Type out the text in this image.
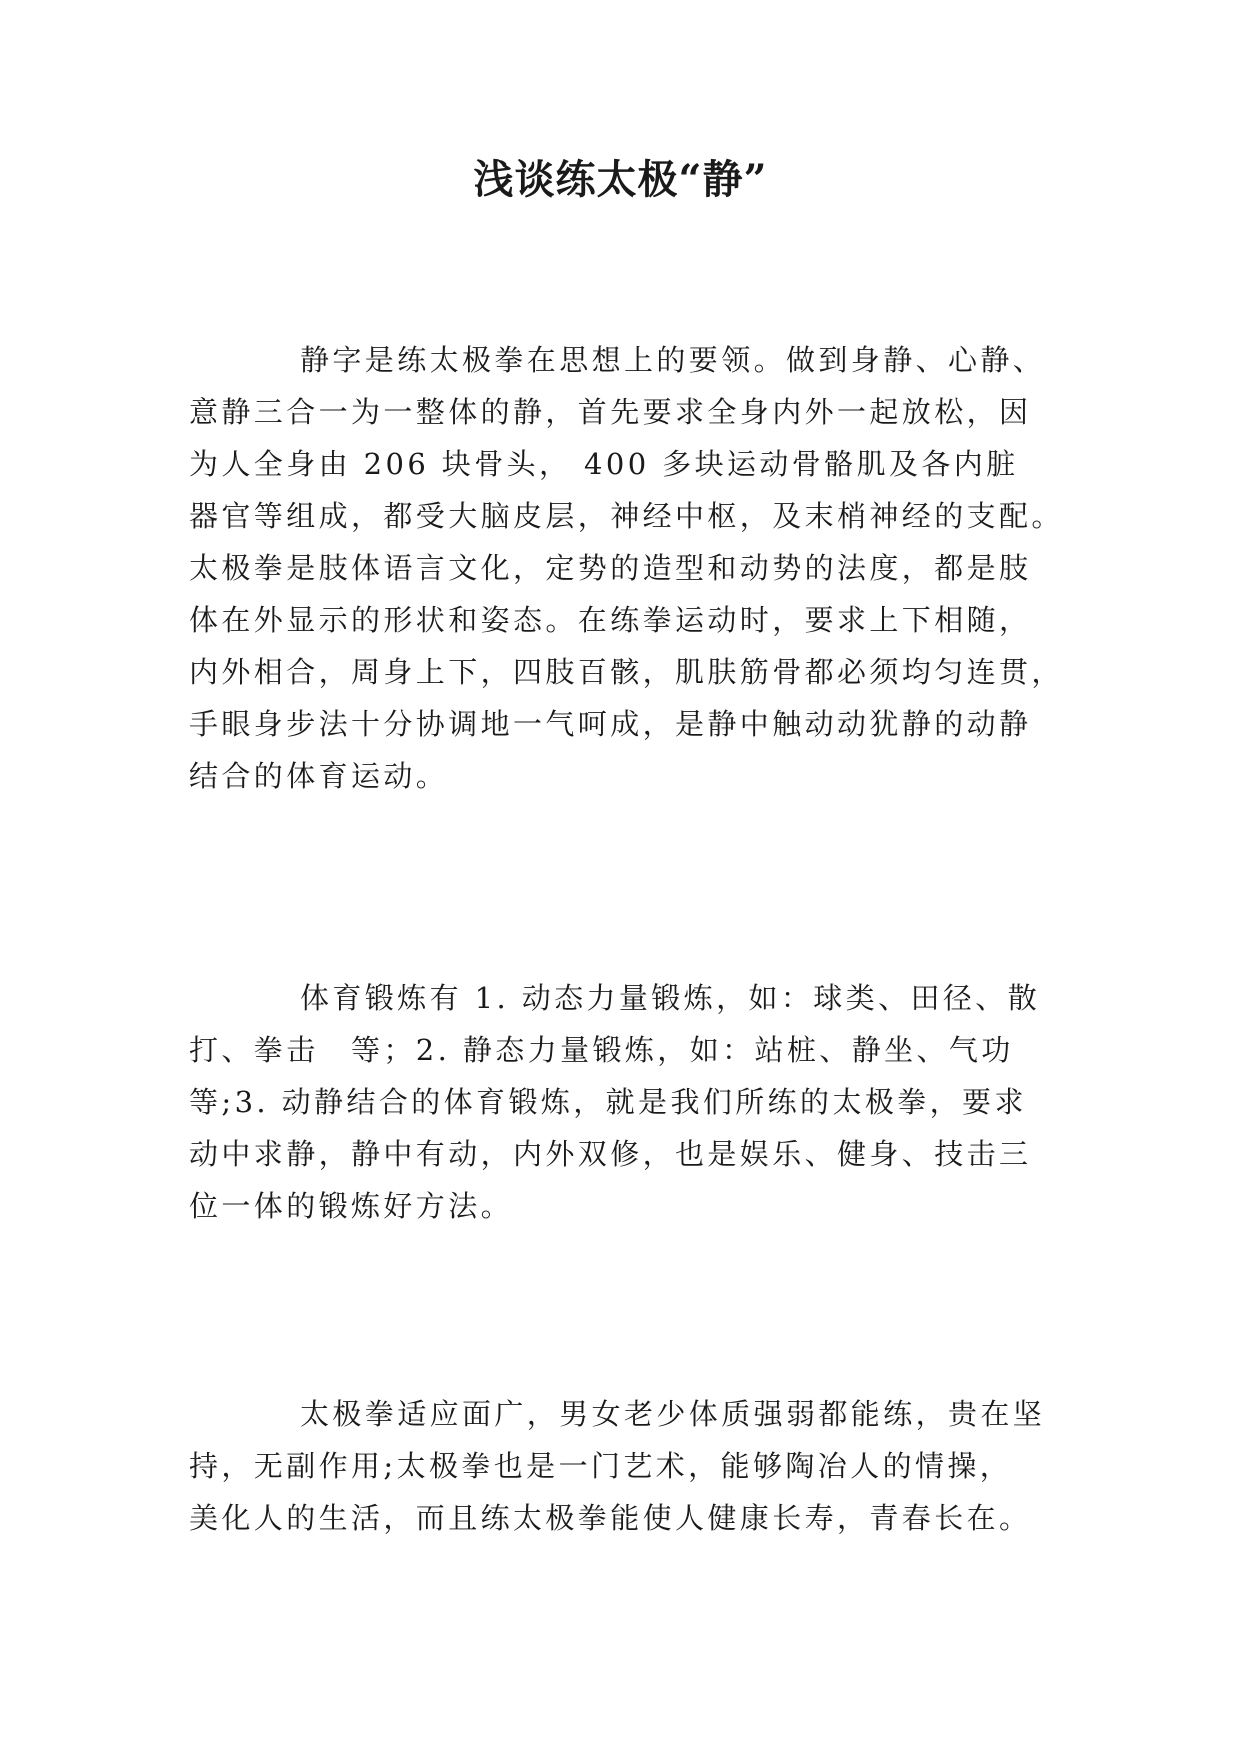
浅谈练太极“静”

静字是练太极拳在思想上的要领。做到身静、心静、

意静三合一为一整体的静，首先要求全身内外一起放松，因

为人全身由 206 块骨头， 400 多块运动骨骼肌及各内脏

器官等组成，都受大脑皮层，神经中枢，及末梢神经的支配。

太极拳是肢体语言文化，定势的造型和动势的法度，都是肢

体在外显示的形状和姿态。在练拳运动时，要求上下相随，

内外相合，周身上下，四肢百骸，肌肤筋骨都必须均匀连贯，

手眼身步法十分协调地一气呵成，是静中触动动犹静的动静

结合的体育运动。

体育锻炼有 1. 动态力量锻炼，如：球类、田径、散

打、拳击　等；2. 静态力量锻炼，如：站桩、静坐、气功

等;3. 动静结合的体育锻炼，就是我们所练的太极拳，要求

动中求静，静中有动，内外双修，也是娱乐、健身、技击三

位一体的锻炼好方法。

太极拳适应面广，男女老少体质强弱都能练，贵在坚

持，无副作用;太极拳也是一门艺术，能够陶冶人的情操，

美化人的生活，而且练太极拳能使人健康长寿，青春长在。
